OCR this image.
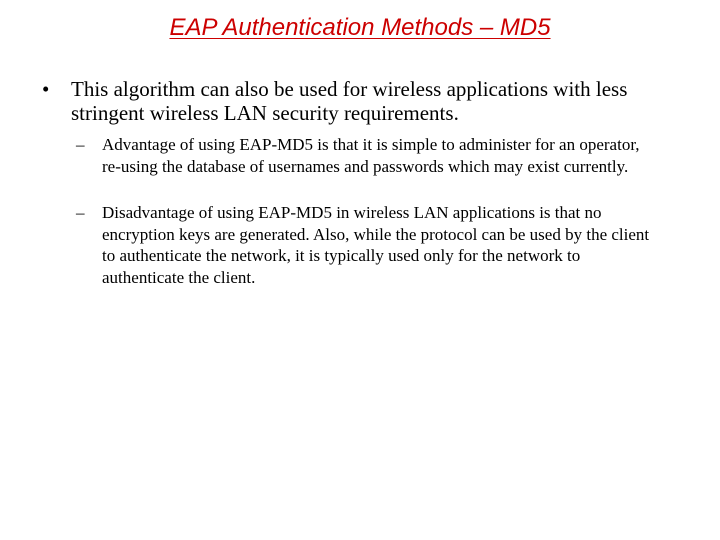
EAP Authentication Methods – MD5
• This algorithm can also be used for wireless applications with less stringent wireless LAN security requirements.
– Advantage of using EAP-MD5 is that it is simple to administer for an operator, re-using the database of usernames and passwords which may exist currently.
– Disadvantage of using EAP-MD5 in wireless LAN applications is that no encryption keys are generated. Also, while the protocol can be used by the client to authenticate the network, it is typically used only for the network to authenticate the client.
